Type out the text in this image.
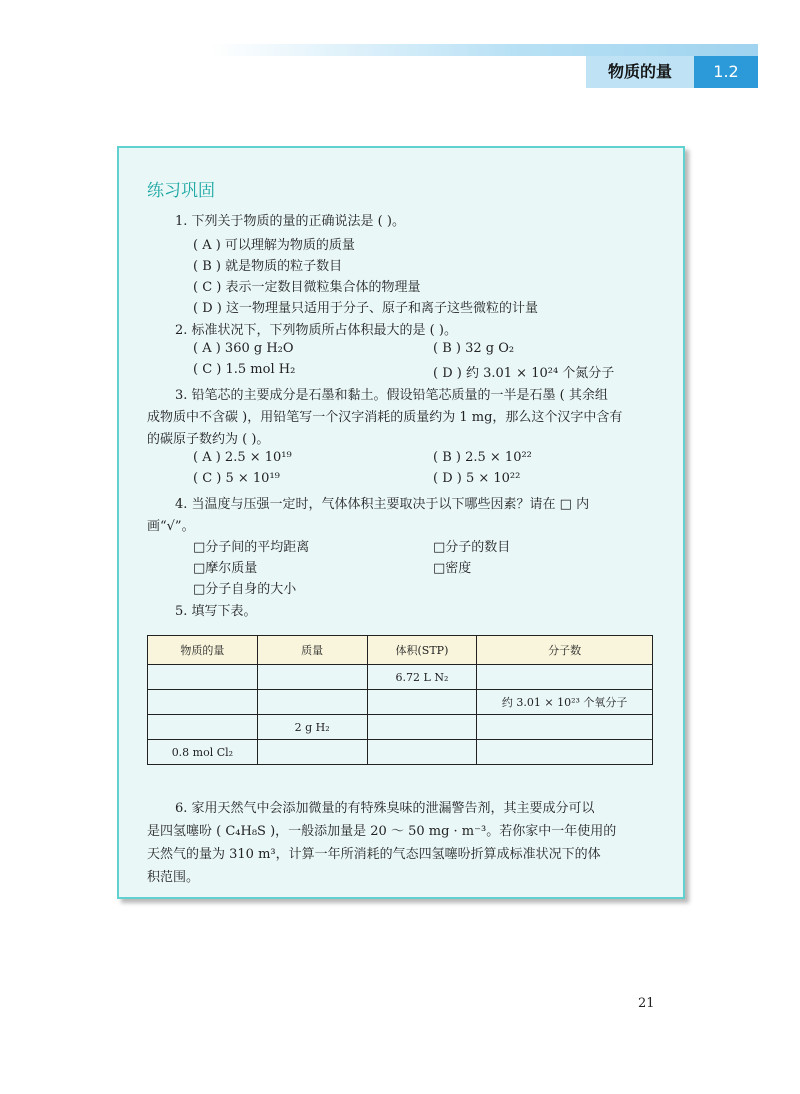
物质的量	1.2
练习巩固
1. 下列关于物质的量的正确说法是 ( )。
( A ) 可以理解为物质的质量
( B ) 就是物质的粒子数目
( C ) 表示一定数目微粒集合体的物理量
( D ) 这一物理量只适用于分子、原子和离子这些微粒的计量
2. 标准状况下，下列物质所占体积最大的是 ( )。
( A ) 360 g H₂O	( B ) 32 g O₂
( C ) 1.5 mol H₂	( D ) 约 3.01 × 10²⁴ 个氮分子
3. 铅笔芯的主要成分是石墨和黏土。假设铅笔芯质量的一半是石墨 ( 其余组
成物质中不含碳 )，用铅笔写一个汉字消耗的质量约为 1 mg，那么这个汉字中含有
的碳原子数约为 ( )。
( A ) 2.5 × 10¹⁹	( B ) 2.5 × 10²²
( C ) 5 × 10¹⁹	( D ) 5 × 10²²
4. 当温度与压强一定时，气体体积主要取决于以下哪些因素？请在 □ 内
画“√”。
□分子间的平均距离	□分子的数目
□摩尔质量	□密度
□分子自身的大小
5. 填写下表。
物质的量	质量	体积(STP)	分子数
		6.72 L N₂	
			约 3.01 × 10²³ 个氧分子
	2 g H₂		
0.8 mol Cl₂			
6. 家用天然气中会添加微量的有特殊臭味的泄漏警告剂，其主要成分可以
是四氢噻吩 ( C₄H₈S )，一般添加量是 20 ～ 50 mg · m⁻³。若你家中一年使用的
天然气的量为 310 m³，计算一年所消耗的气态四氢噻吩折算成标准状况下的体
积范围。
21
